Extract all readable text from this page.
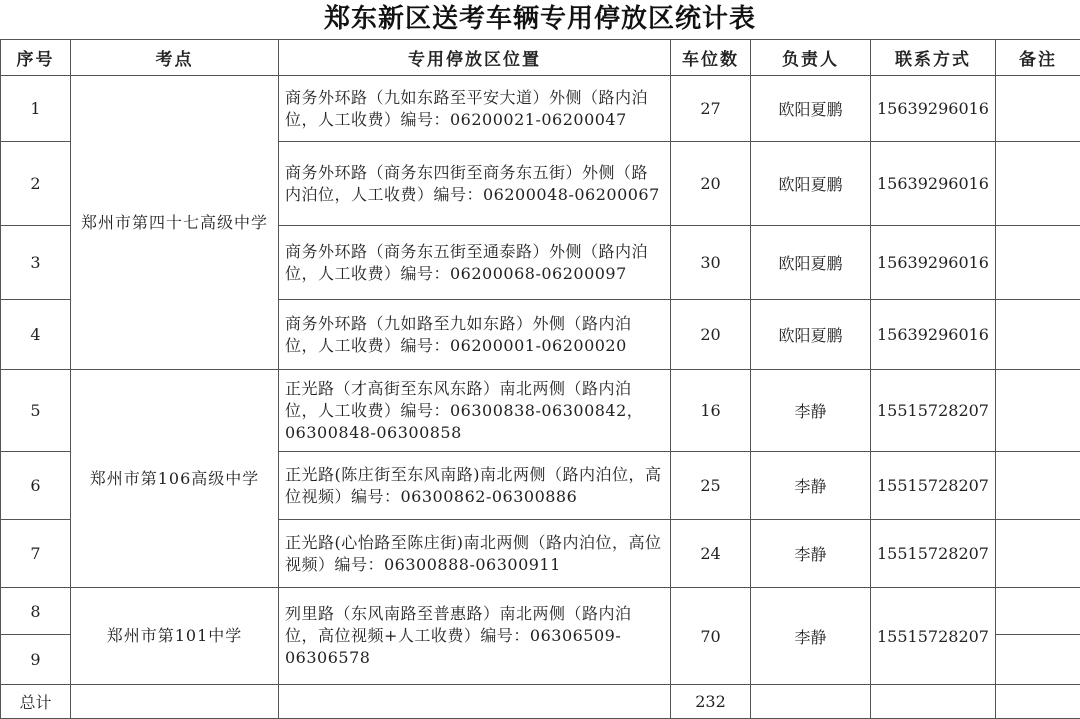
郑东新区送考车辆专用停放区统计表
序号	考点	专用停放区位置	车位数	负责人	联系方式	备注
1	郑州市第四十七高级中学	商务外环路（九如东路至平安大道）外侧（路内泊位，人工收费）编号：06200021-06200047	27	欧阳夏鹏	15639296016	
2		商务外环路（商务东四街至商务东五街）外侧（路内泊位，人工收费）编号：06200048-06200067	20	欧阳夏鹏	15639296016	
3		商务外环路（商务东五街至通泰路）外侧（路内泊位，人工收费）编号：06200068-06200097	30	欧阳夏鹏	15639296016	
4		商务外环路（九如路至九如东路）外侧（路内泊位，人工收费）编号：06200001-06200020	20	欧阳夏鹏	15639296016	
5	郑州市第106高级中学	正光路（才高街至东风东路）南北两侧（路内泊位，人工收费）编号：06300838-06300842，06300848-06300858	16	李静	15515728207	
6		正光路(陈庄街至东风南路)南北两侧（路内泊位，高位视频）编号：06300862-06300886	25	李静	15515728207	
7		正光路(心怡路至陈庄街)南北两侧（路内泊位，高位视频）编号：06300888-06300911	24	李静	15515728207	
8	郑州市第101中学	列里路（东风南路至普惠路）南北两侧（路内泊位，高位视频+人工收费）编号：06306509-06306578	70	李静	15515728207	
9						
总计			232			
